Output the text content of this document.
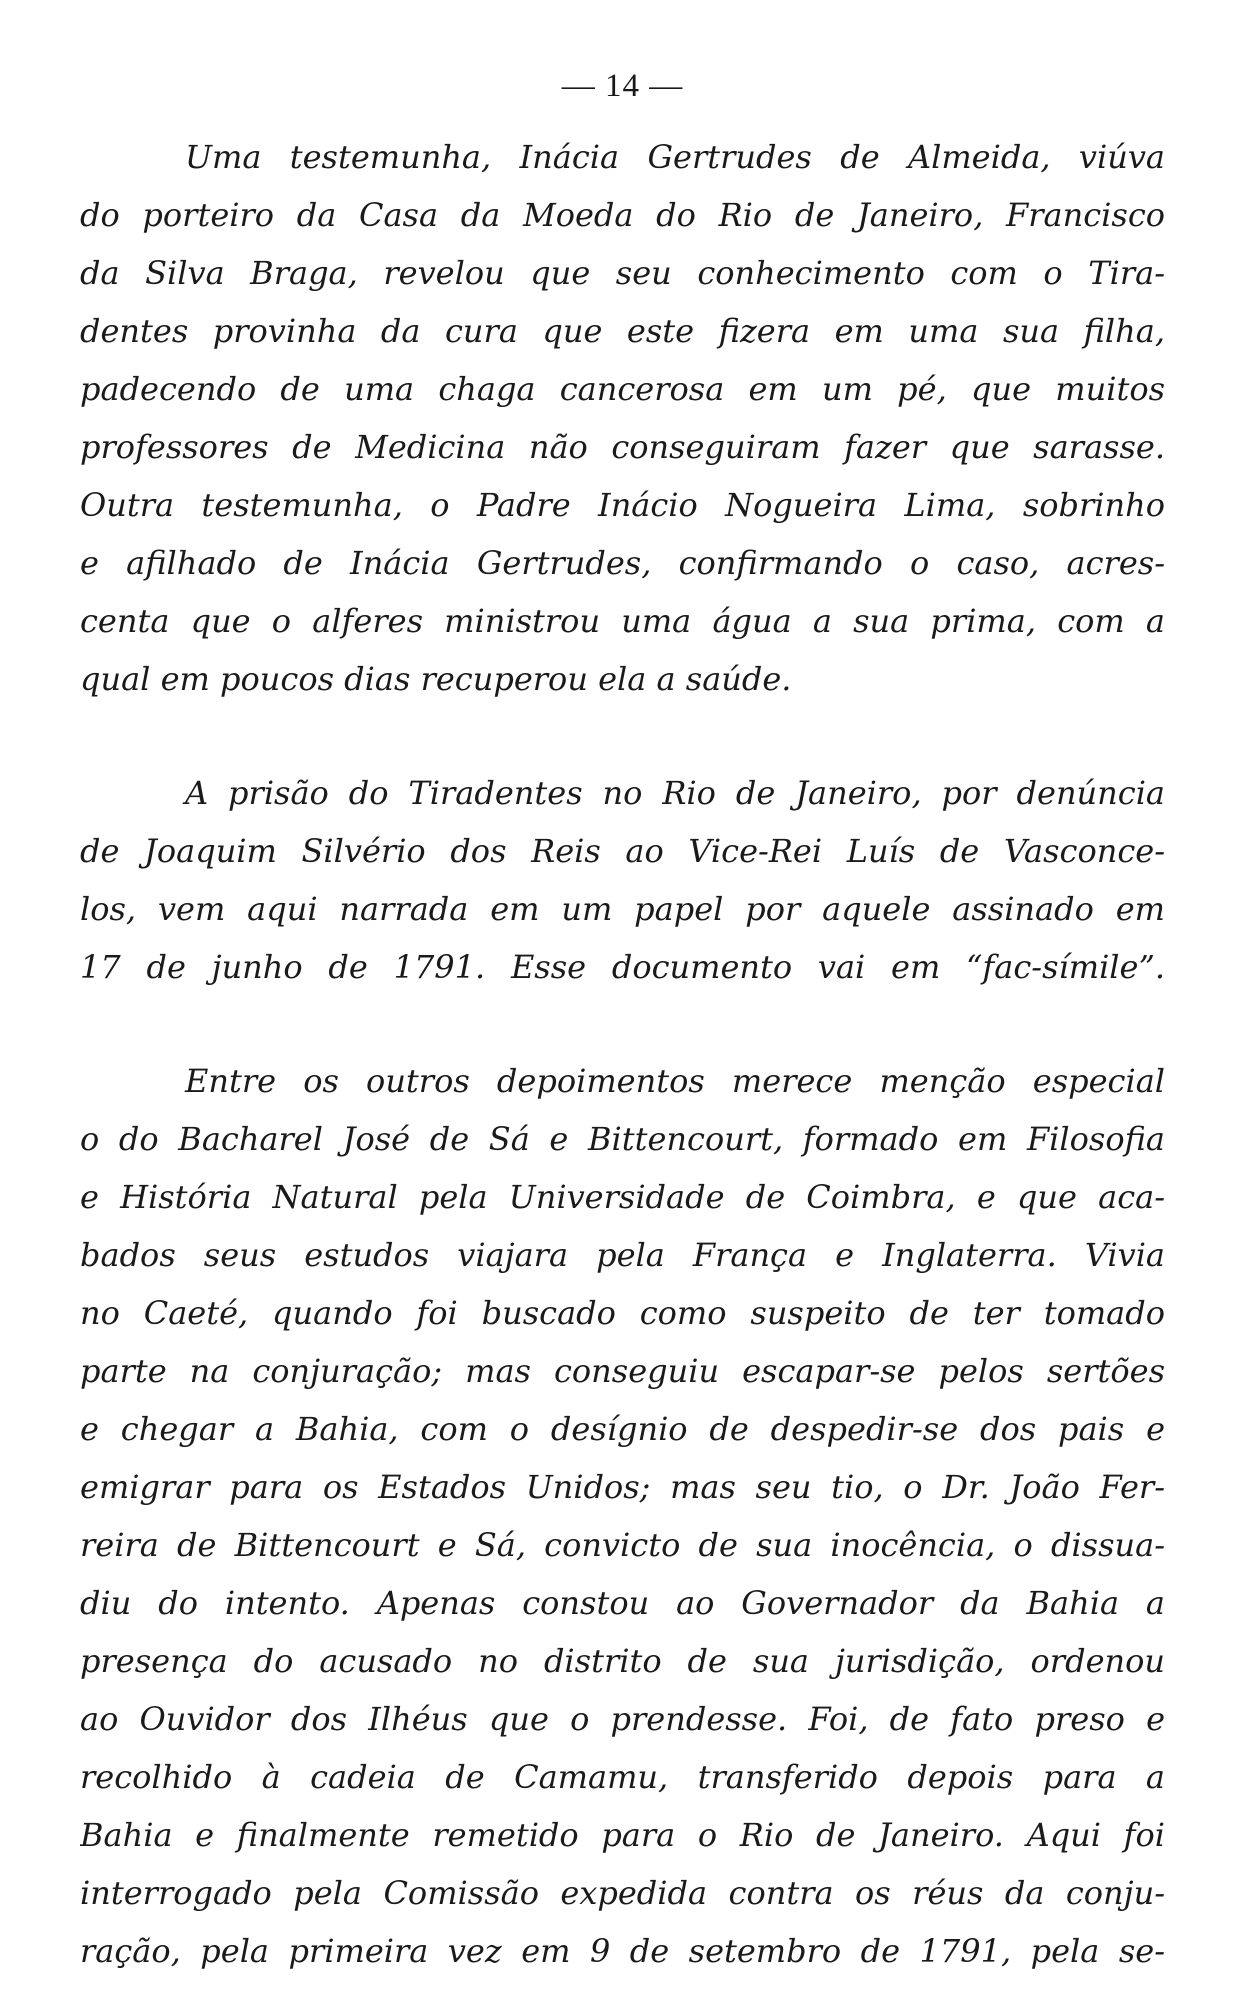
— 14 —

Uma testemunha, Inácia Gertrudes de Almeida, viúva
do porteiro da Casa da Moeda do Rio de Janeiro, Francisco
da Silva Braga, revelou que seu conhecimento com o Tira-
dentes provinha da cura que este fizera em uma sua filha,
padecendo de uma chaga cancerosa em um pé, que muitos
professores de Medicina não conseguiram fazer que sarasse.
Outra testemunha, o Padre Inácio Nogueira Lima, sobrinho
e afilhado de Inácia Gertrudes, confirmando o caso, acres-
centa que o alferes ministrou uma água a sua prima, com a
qual em poucos dias recuperou ela a saúde.

A prisão do Tiradentes no Rio de Janeiro, por denúncia
de Joaquim Silvério dos Reis ao Vice-Rei Luís de Vasconce-
los, vem aqui narrada em um papel por aquele assinado em
17 de junho de 1791. Esse documento vai em “fac-símile”.

Entre os outros depoimentos merece menção especial
o do Bacharel José de Sá e Bittencourt, formado em Filosofia
e História Natural pela Universidade de Coimbra, e que aca-
bados seus estudos viajara pela França e Inglaterra. Vivia
no Caeté, quando foi buscado como suspeito de ter tomado
parte na conjuração; mas conseguiu escapar-se pelos sertões
e chegar a Bahia, com o desígnio de despedir-se dos pais e
emigrar para os Estados Unidos; mas seu tio, o Dr. João Fer-
reira de Bittencourt e Sá, convicto de sua inocência, o dissua-
diu do intento. Apenas constou ao Governador da Bahia a
presença do acusado no distrito de sua jurisdição, ordenou
ao Ouvidor dos Ilhéus que o prendesse. Foi, de fato preso e
recolhido à cadeia de Camamu, transferido depois para a
Bahia e finalmente remetido para o Rio de Janeiro. Aqui foi
interrogado pela Comissão expedida contra os réus da conju-
ração, pela primeira vez em 9 de setembro de 1791, pela se-
